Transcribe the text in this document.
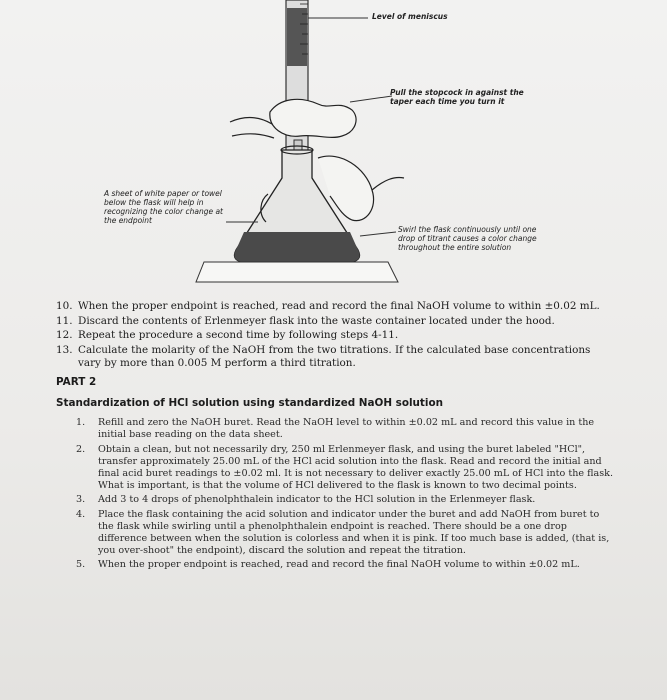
Level of meniscus
Pull the stopcock in against the taper each time you turn it
A sheet of white paper or towel below the flask will help in recognizing the color change at the endpoint
Swirl the flask continuously until one drop of titrant causes a color change throughout the entire solution
10. When the proper endpoint is reached, read and record the final NaOH volume to within ±0.02 mL.
11. Discard the contents of Erlenmeyer flask into the waste container located under the hood.
12. Repeat the procedure a second time by following steps 4-11.
13. Calculate the molarity of the NaOH from the two titrations. If the calculated base concentrations vary by more than 0.005 M perform a third titration.
PART 2
Standardization of HCl solution using standardized NaOH solution
1.	Refill and zero the NaOH buret. Read the NaOH level to within ±0.02 mL and record this value in the initial base reading on the data sheet.
2.	Obtain a clean, but not necessarily dry, 250 ml Erlenmeyer flask, and using the buret labeled "HCl", transfer approximately 25.00 mL of the HCl acid solution into the flask. Read and record the initial and final acid buret readings to ±0.02 ml. It is not necessary to deliver exactly 25.00 mL of HCl into the flask. What is important, is that the volume of HCl delivered to the flask is known to two decimal points.
3.	Add 3 to 4 drops of phenolphthalein indicator to the HCl solution in the Erlenmeyer flask.
4.	Place the flask containing the acid solution and indicator under the buret and add NaOH from buret to the flask while swirling until a phenolphthalein endpoint is reached. There should be a one drop difference between when the solution is colorless and when it is pink. If too much base is added, (that is, you over-shoot" the endpoint), discard the solution and repeat the titration.
5.	When the proper endpoint is reached, read and record the final NaOH volume to within ±0.02 mL.
